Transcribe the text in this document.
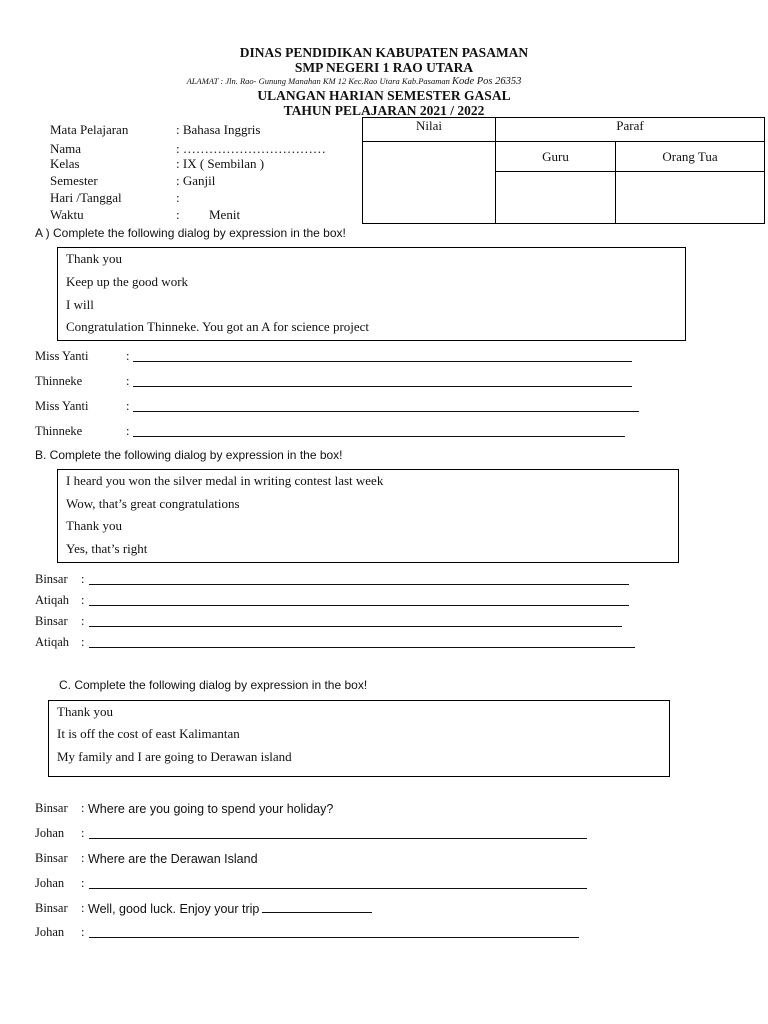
DINAS PENDIDIKAN KABUPATEN PASAMAN
SMP NEGERI 1 RAO UTARA
ALAMAT : Jln. Rao- Gunung Manahan KM 12 Kec.Rao Utara Kab.Pasaman Kode Pos 26353
ULANGAN HARIAN SEMESTER GASAL
TAHUN PELAJARAN 2021 / 2022
Mata Pelajaran	: Bahasa Inggris
Nama	: ……………………………
Kelas	: IX ( Sembilan )
Semester	: Ganjil
Hari /Tanggal	:
Waktu	: Menit
Nilai	Paraf	
	Guru	Orang Tua

A ) Complete the following dialog by expression in the box!
Thank you
Keep up the good work
I will
Congratulation Thinneke. You got an A for science project
Miss Yanti	:
Thinneke	:
Miss Yanti	:
Thinneke	:
B. Complete the following dialog by expression in the box!
I heard you won the silver medal in writing contest last week
Wow, that’s great congratulations
Thank you
Yes, that’s right
Binsar :
Atiqah :
Binsar :
Atiqah :
C. Complete the following dialog by expression in the box!
Thank you
It is off the cost of east Kalimantan
My family and I are going to Derawan island
Binsar : Where are you going to spend your holiday?
Johan :
Binsar : Where are the Derawan Island
Johan :
Binsar : Well, good luck. Enjoy your trip
Johan :
